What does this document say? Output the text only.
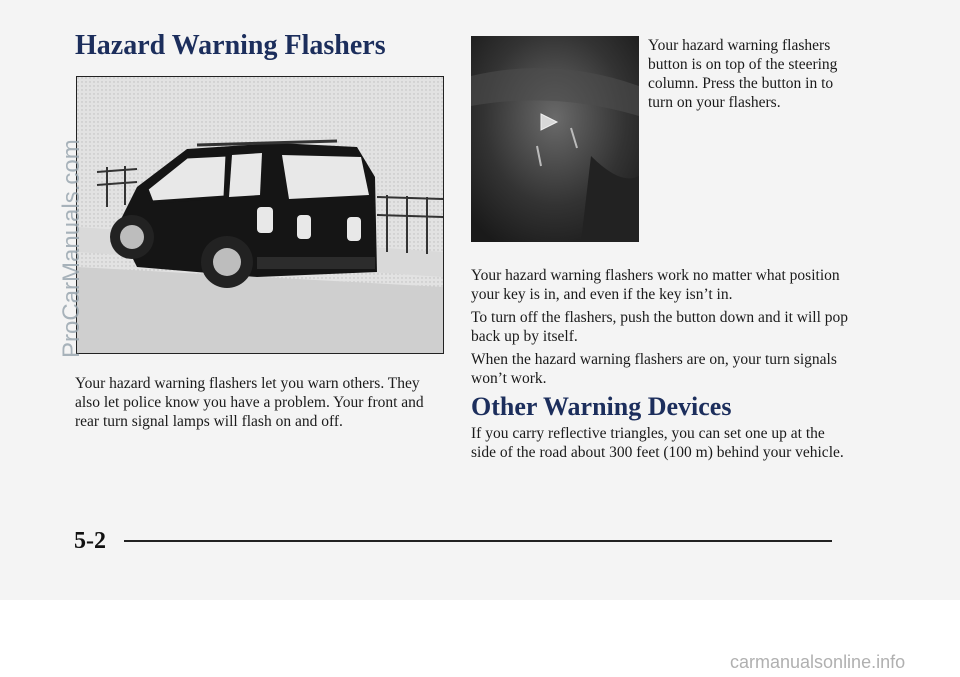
Hazard Warning Flashers	Your hazard warning flashers button is on top of the steering column. Press the button in to turn on your flashers.

Your hazard warning flashers let you warn others. They also let police know you have a problem. Your front and rear turn signal lamps will flash on and off.

Your hazard warning flashers work no matter what position your key is in, and even if the key isn’t in.

To turn off the flashers, push the button down and it will pop back up by itself.

When the hazard warning flashers are on, your turn signals won’t work.

Other Warning Devices

If you carry reflective triangles, you can set one up at the side of the road about 300 feet (100 m) behind your vehicle.

5-2
ProCarManuals.com
carmanualsonline.info
